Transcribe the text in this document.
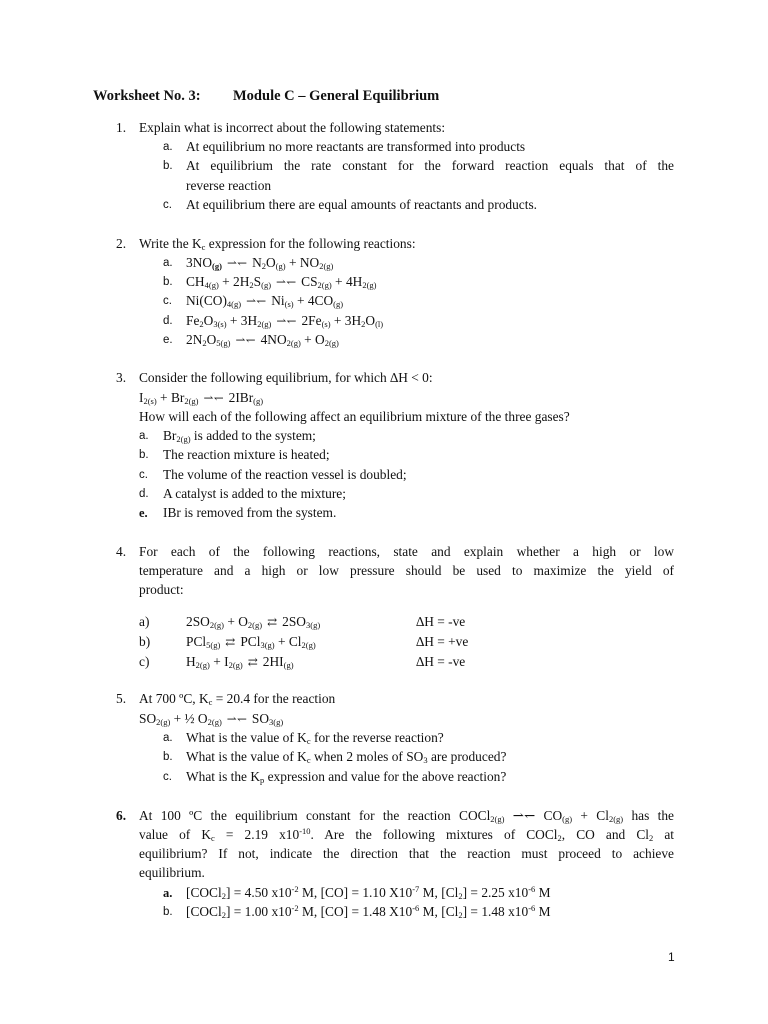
Worksheet No. 3: Module C – General Equilibrium
1. Explain what is incorrect about the following statements:
a. At equilibrium no more reactants are transformed into products
b. At equilibrium the rate constant for the forward reaction equals that of the
reverse reaction
c. At equilibrium there are equal amounts of reactants and products.
2. Write the $K_c$ expression for the following reactions:
a. $3NO_{(g)}$ ⇀↽ $N_2O_{(g)} + NO_{2(g)}$
b. $CH_{4(g)} + 2H_2S_{(g)}$ ⇀↽ $CS_{2(g)} + 4H_{2(g)}$
c. $Ni(CO)_{4(g)}$ ⇀↽ $Ni_{(s)} + 4CO_{(g)}$
d. $Fe_2O_{3(s)} + 3H_{2(g)}$ ⇀↽ $2Fe_{(s)} + 3H_2O_{(l)}$
e. $2N_2O_{5(g)}$ ⇀↽ $4NO_{2(g)} + O_{2(g)}$
3. Consider the following equilibrium, for which ∆H < 0:
$I_{2(s)} + Br_{2(g)}$ ⇀↽ 2IBr$_{(g)}$
How will each of the following affect an equilibrium mixture of the three gases?
a. $Br_{2(g)}$ is added to the system;
b. The reaction mixture is heated;
c. The volume of the reaction vessel is doubled;
d. A catalyst is added to the mixture;
e. IBr is removed from the system.
4. For each of the following reactions, state and explain whether a high or low
temperature and a high or low pressure should be used to maximize the yield of
product:
a)	$2SO_{2(g)} + O_{2(g)}$ ⇄ $2SO_{3(g)}$	∆H = -ve
b)	PCl$_{5(g)}$ ⇄ $PCl_{3(g)} + Cl_{2(g)}$	∆H = +ve
c)	$H_{2(g)} + I_{2(g)}$ ⇄ $2HI_{(g)}$	∆H = -ve
5. At 700 ºC, $K_c = 20.4$ for the reaction
$SO_{2(g)}$ + ½ $O_{2(g)}$ ⇀↽ $SO_{3(g)}$
a. What is the value of $K_c$ for the reverse reaction?
b. What is the value of $K_c$ when 2 moles of $SO_3$ are produced?
c. What is the $K_p$ expression and value for the above reaction?
6. At 100 ºC the equilibrium constant for the reaction COCl$_{2(g)}$ ⇀↽ $CO_{(g)} + Cl_{2(g)}$ has the
value of $K_c = 2.19$ $x10^{-10}$. Are the following mixtures of COCl$_2$, CO and $Cl_2$ at
equilibrium? If not, indicate the direction that the reaction must proceed to achieve
equilibrium.
a. [COCl$_2$] = 4.50 $x10^{-2}$ M, [CO] = 1.10 $X10^{-7}$ M, $[Cl_2] = 2.25$ $x10^{-6}$ M
b. [COCl$_2$] = 1.00 $x10^{-2}$ M, [CO] = 1.48 $X10^{-6}$ M, $[Cl_2] = 1.48$ $x10^{-6}$ M
1
